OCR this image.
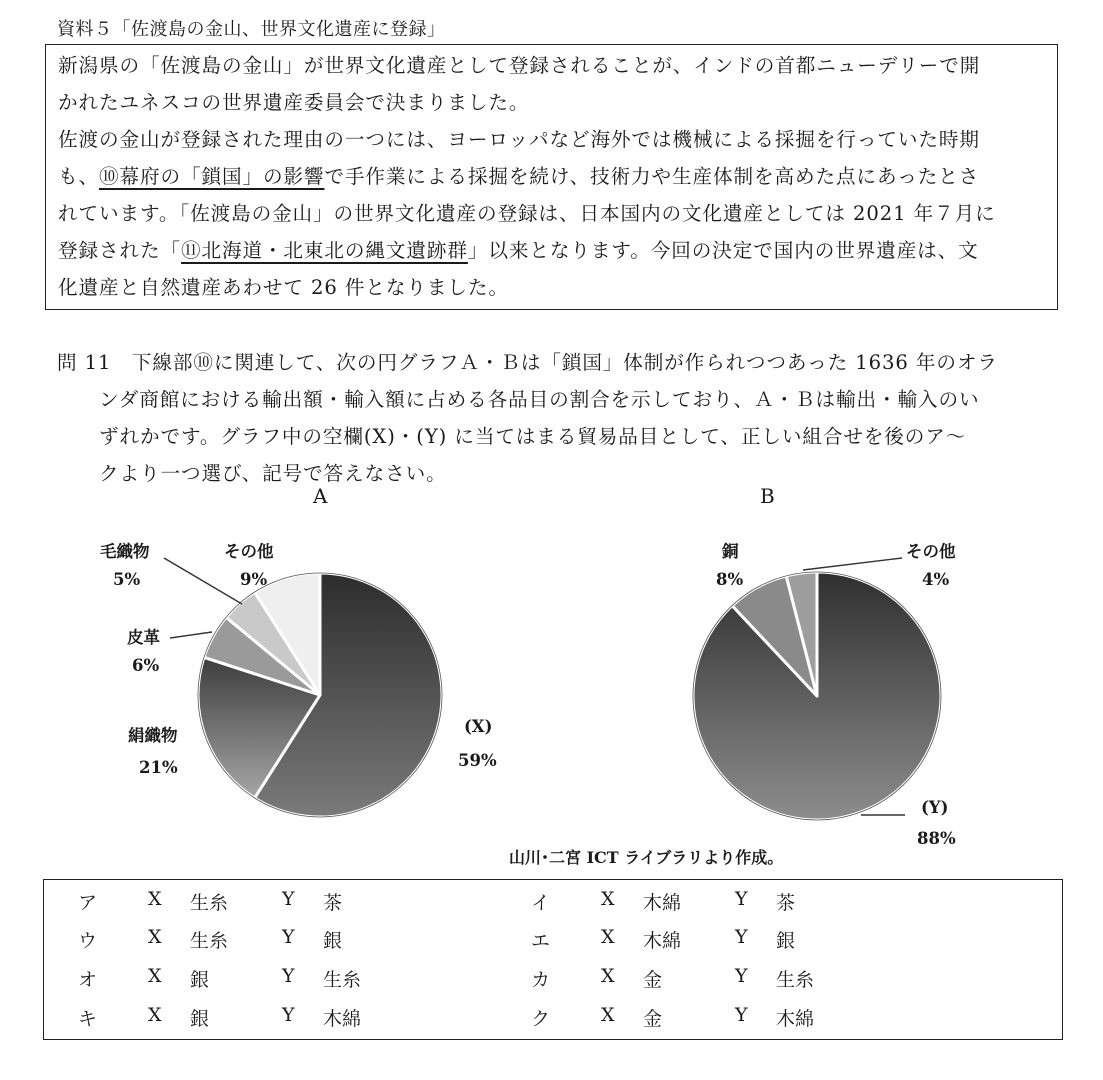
資料５「佐渡島の金山、世界文化遺産に登録」
新潟県の「佐渡島の金山」が世界文化遺産として登録されることが、インドの首都ニューデリーで開
かれたユネスコの世界遺産委員会で決まりました。
佐渡の金山が登録された理由の一つには、ヨーロッパなど海外では機械による採掘を行っていた時期
も、⑩幕府の「鎖国」の影響で手作業による採掘を続け、技術力や生産体制を高めた点にあったとさ
れています。「佐渡島の金山」の世界文化遺産の登録は、日本国内の文化遺産としては 2021 年７月に
登録された「⑪北海道・北東北の縄文遺跡群」以来となります。今回の決定で国内の世界遺産は、文
化遺産と自然遺産あわせて 26 件となりました。
問 11　下線部⑩に関連して、次の円グラフＡ・Ｂは「鎖国」体制が作られつつあった 1636 年のオラ
ンダ商館における輸出額・輸入額に占める各品目の割合を示しており、Ａ・Ｂは輸出・輸入のい
ずれかです。グラフ中の空欄(X)・(Y) に当てはまる貿易品目として、正しい組合せを後のア～
クより一つ選び、記号で答えなさい。
A	B
毛織物
5%
その他
9%
皮革
6%
絹織物
21%
(X)
59%
銅
8%
その他
4%
(Y)
88%
山川･二宮 ICT ライブラリより作成。
ア	X 生糸	Y 茶	イ	X 木綿	Y 茶
ウ	X 生糸	Y 銀	エ	X 木綿	Y 銀
オ	X 銀	Y 生糸	カ	X 金	Y 生糸
キ	X 銀	Y 木綿	ク	X 金	Y 木綿
